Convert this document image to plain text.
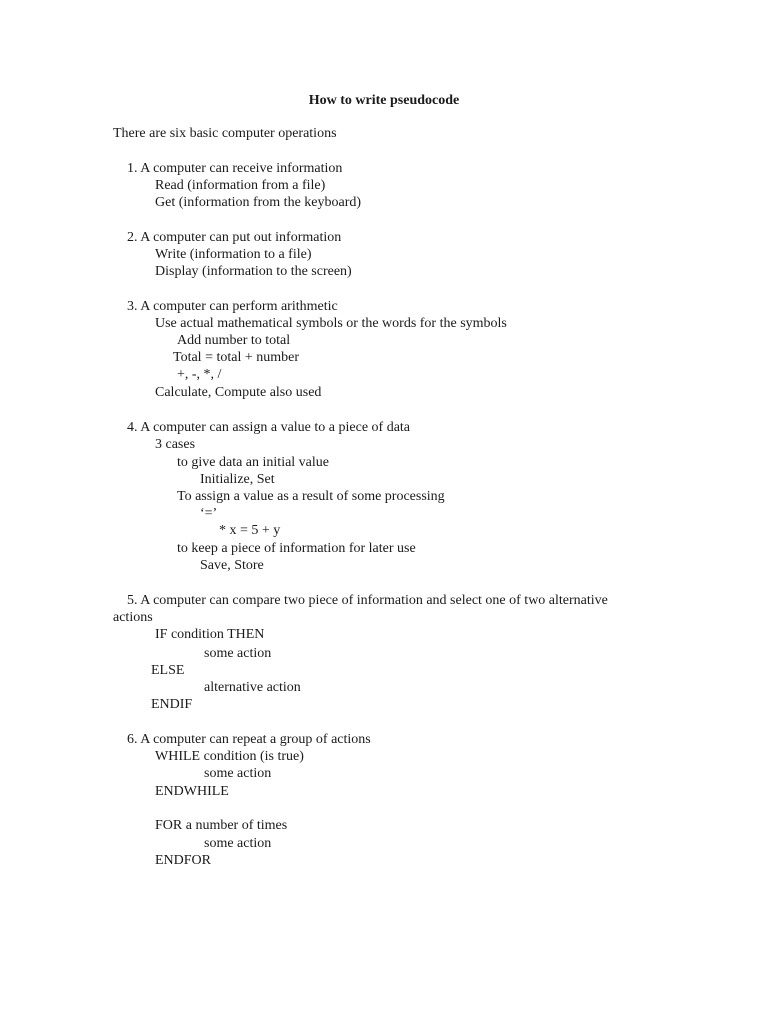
How to write pseudocode
There are six basic computer operations
1. A computer can receive information
Read (information from a file)
Get (information from the keyboard)
2. A computer can put out information
Write (information to a file)
Display (information to the screen)
3. A computer can perform arithmetic
Use actual mathematical symbols or the words for the symbols
Add number to total
Total = total + number
+, -, *, /
Calculate, Compute also used
4. A computer can assign a value to a piece of data
3 cases
to give data an initial value
Initialize, Set
To assign a value as a result of some processing
‘=’
* x = 5 + y
to keep a piece of information for later use
Save, Store
5. A computer can compare two piece of information and select one of two alternative
actions
IF condition THEN
some action
ELSE
alternative action
ENDIF
6. A computer can repeat a group of actions
WHILE condition (is true)
some action
ENDWHILE
FOR a number of times
some action
ENDFOR
